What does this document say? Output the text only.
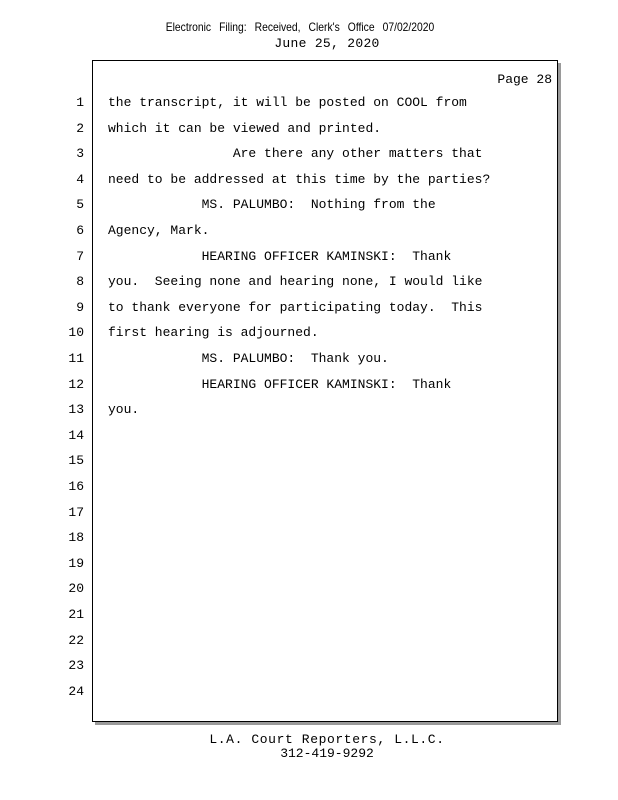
Electronic Filing: Received, Clerk's Office 07/02/2020
June 25, 2020
Page 28
1 the transcript, it will be posted on COOL from
2 which it can be viewed and printed.
3 Are there any other matters that
4 need to be addressed at this time by the parties?
5 MS. PALUMBO:  Nothing from the
6 Agency, Mark.
7 HEARING OFFICER KAMINSKI:  Thank
8 you.  Seeing none and hearing none, I would like
9 to thank everyone for participating today.  This
10 first hearing is adjourned.
11 MS. PALUMBO:  Thank you.
12 HEARING OFFICER KAMINSKI:  Thank
13 you.
14
15
16
17
18
19
20
21
22
23
24
L.A. Court Reporters, L.L.C.
312-419-9292
